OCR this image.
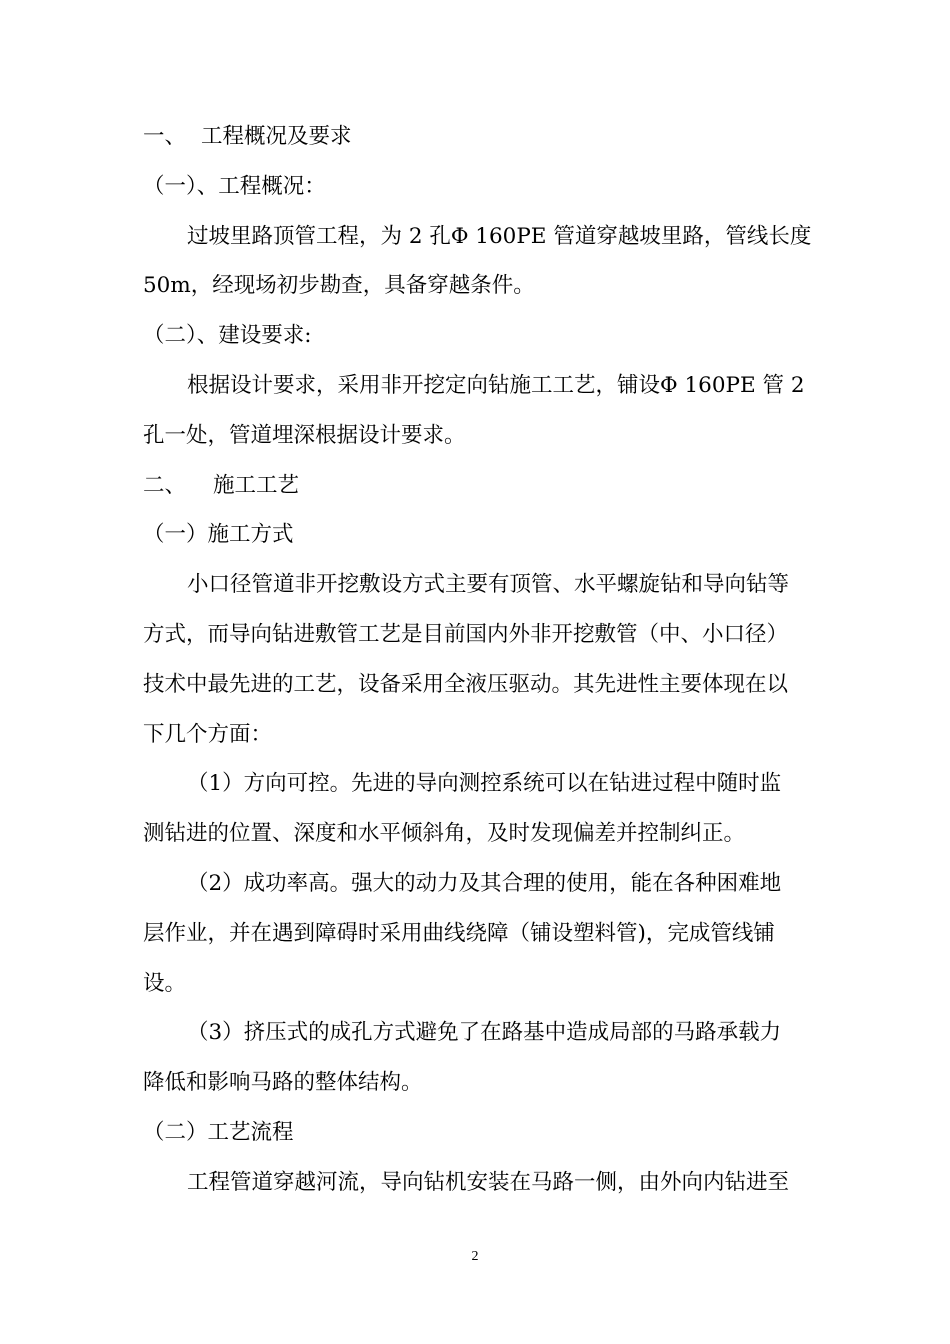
一、 工程概况及要求
（一）、工程概况：
过坡里路顶管工程，为 2 孔Φ 160PE 管道穿越坡里路，管线长度
50m，经现场初步勘查，具备穿越条件。
（二）、建设要求:
根据设计要求，采用非开挖定向钻施工工艺，铺设Φ 160PE 管 2
孔一处，管道埋深根据设计要求。
二、 施工工艺
（一）施工方式
小口径管道非开挖敷设方式主要有顶管、水平螺旋钻和导向钻等
方式，而导向钻进敷管工艺是目前国内外非开挖敷管（中、小口径）
技术中最先进的工艺，设备采用全液压驱动。其先进性主要体现在以
下几个方面：
（1）方向可控。先进的导向测控系统可以在钻进过程中随时监
测钻进的位置、深度和水平倾斜角，及时发现偏差并控制纠正。
（2）成功率高。强大的动力及其合理的使用，能在各种困难地
层作业，并在遇到障碍时采用曲线绕障（铺设塑料管)，完成管线铺
设。
（3）挤压式的成孔方式避免了在路基中造成局部的马路承载力
降低和影响马路的整体结构。
（二）工艺流程
工程管道穿越河流，导向钻机安装在马路一侧，由外向内钻进至
2
